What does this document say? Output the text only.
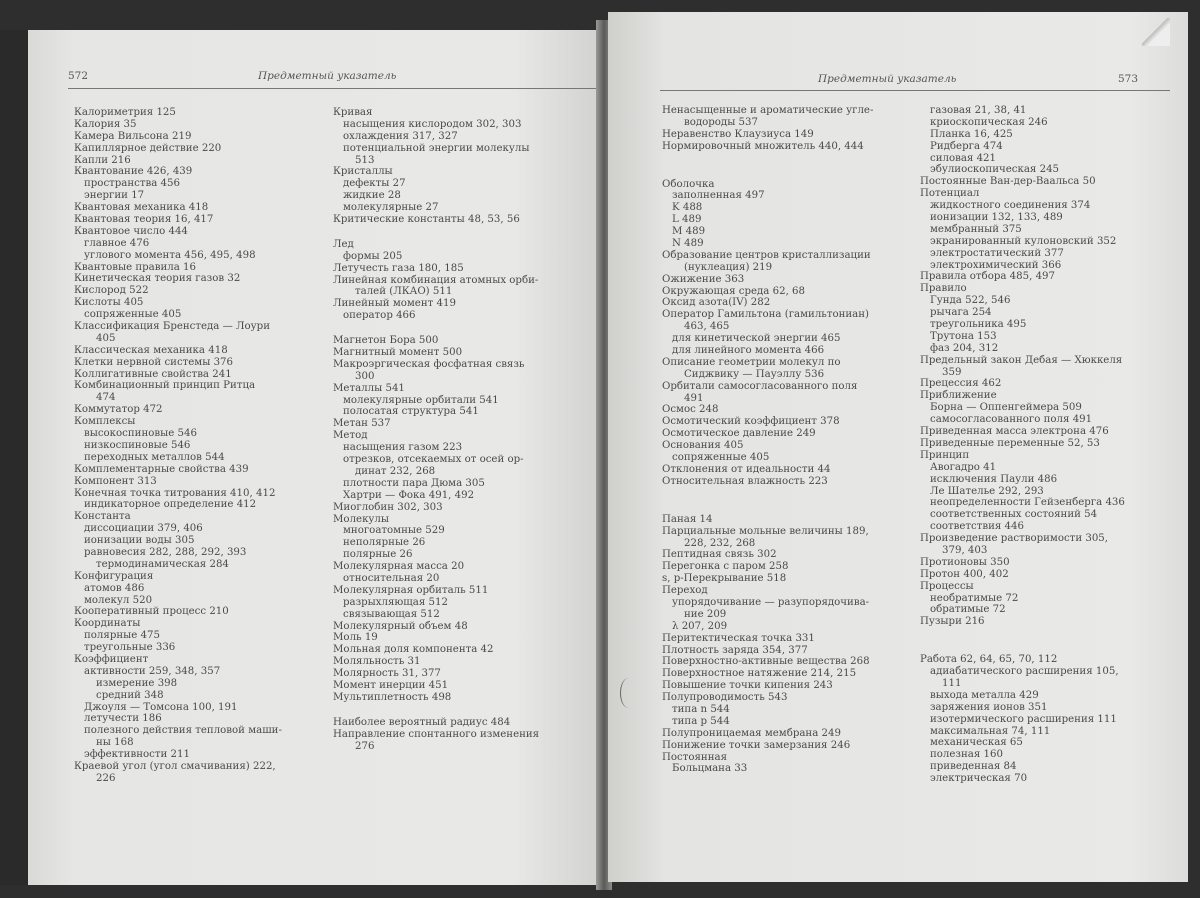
572	Предметный указатель
Калориметрия 125
Калория 35
Камера Вильсона 219
Капиллярное действие 220
Капли 216
Квантование 426, 439
пространства 456
энергии 17
Квантовая механика 418
Квантовая теория 16, 417
Квантовое число 444
главное 476
углового момента 456, 495, 498
Квантовые правила 16
Кинетическая теория газов 32
Кислород 522
Кислоты 405
сопряженные 405
Классификация Бренстеда — Лоури
405
Классическая механика 418
Клетки нервной системы 376
Коллигативные свойства 241
Комбинационный принцип Ритца
474
Коммутатор 472
Комплексы
высокоспиновые 546
низкоспиновые 546
переходных металлов 544
Комплементарные свойства 439
Компонент 313
Конечная точка титрования 410, 412
индикаторное определение 412
Константа
диссоциации 379, 406
ионизации воды 305
равновесия 282, 288, 292, 393
термодинамическая 284
Конфигурация
атомов 486
молекул 520
Кооперативный процесс 210
Координаты
полярные 475
треугольные 336
Коэффициент
активности 259, 348, 357
измерение 398
средний 348
Джоуля — Томсона 100, 191
летучести 186
полезного действия тепловой маши-
ны 168
эффективности 211
Краевой угол (угол смачивания) 222,
226
Кривая
насыщения кислородом 302, 303
охлаждения 317, 327
потенциальной энергии молекулы
513
Кристаллы
дефекты 27
жидкие 28
молекулярные 27
Критические константы 48, 53, 56
Лед
формы 205
Летучесть газа 180, 185
Линейная комбинация атомных орби-
талей (ЛКАО) 511
Линейный момент 419
оператор 466
Магнетон Бора 500
Магнитный момент 500
Макроэргическая фосфатная связь
300
Металлы 541
молекулярные орбитали 541
полосатая структура 541
Метан 537
Метод
насыщения газом 223
отрезков, отсекаемых от осей ор-
динат 232, 268
плотности пара Дюма 305
Хартри — Фока 491, 492
Миоглобин 302, 303
Молекулы
многоатомные 529
неполярные 26
полярные 26
Молекулярная масса 20
относительная 20
Молекулярная орбиталь 511
разрыхляющая 512
связывающая 512
Молекулярный объем 48
Моль 19
Мольная доля компонента 42
Моляльность 31
Молярность 31, 377
Момент инерции 451
Мультиплетность 498
Наиболее вероятный радиус 484
Направление спонтанного изменения
276
Предметный указатель	573
Ненасыщенные и ароматические угле-
водороды 537
Неравенство Клаузиуса 149
Нормировочный множитель 440, 444
Оболочка
заполненная 497
K 488
L 489
M 489
N 489
Образование центров кристаллизации
(нуклеация) 219
Ожижение 363
Окружающая среда 62, 68
Оксид азота(IV) 282
Оператор Гамильтона (гамильтониан)
463, 465
для кинетической энергии 465
для линейного момента 466
Описание геометрии молекул по
Сиджвику — Пауэллу 536
Орбитали самосогласованного поля
491
Осмос 248
Осмотический коэффициент 378
Осмотическое давление 249
Основания 405
сопряженные 405
Отклонения от идеальности 44
Относительная влажность 223
Паная 14
Парциальные мольные величины 189,
228, 232, 268
Пептидная связь 302
Перегонка с паром 258
s, p-Перекрывание 518
Переход
упорядочивание — разупорядочива-
ние 209
λ 207, 209
Перитектическая точка 331
Плотность заряда 354, 377
Поверхностно-активные вещества 268
Поверхностное натяжение 214, 215
Повышение точки кипения 243
Полупроводимость 543
типа n 544
типа p 544
Полупроницаемая мембрана 249
Понижение точки замерзания 246
Постоянная
Больцмана 33
газовая 21, 38, 41
криоскопическая 246
Планка 16, 425
Ридберга 474
силовая 421
эбулиоскопическая 245
Постоянные Ван-дер-Ваальса 50
Потенциал
жидкостного соединения 374
ионизации 132, 133, 489
мембранный 375
экранированный кулоновский 352
электростатический 377
электрохимический 366
Правила отбора 485, 497
Правило
Гунда 522, 546
рычага 254
треугольника 495
Трутона 153
фаз 204, 312
Предельный закон Дебая — Хюккеля
359
Прецессия 462
Приближение
Борна — Оппенгеймера 509
самосогласованного поля 491
Приведенная масса электрона 476
Приведенные переменные 52, 53
Принцип
Авогадро 41
исключения Паули 486
Ле Шателье 292, 293
неопределенности Гейзенберга 436
соответственных состояний 54
соответствия 446
Произведение растворимости 305,
379, 403
Протионовы 350
Протон 400, 402
Процессы
необратимые 72
обратимые 72
Пузыри 216
Работа 62, 64, 65, 70, 112
адиабатического расширения 105,
111
выхода металла 429
заряжения ионов 351
изотермического расширения 111
максимальная 74, 111
механическая 65
полезная 160
приведенная 84
электрическая 70
